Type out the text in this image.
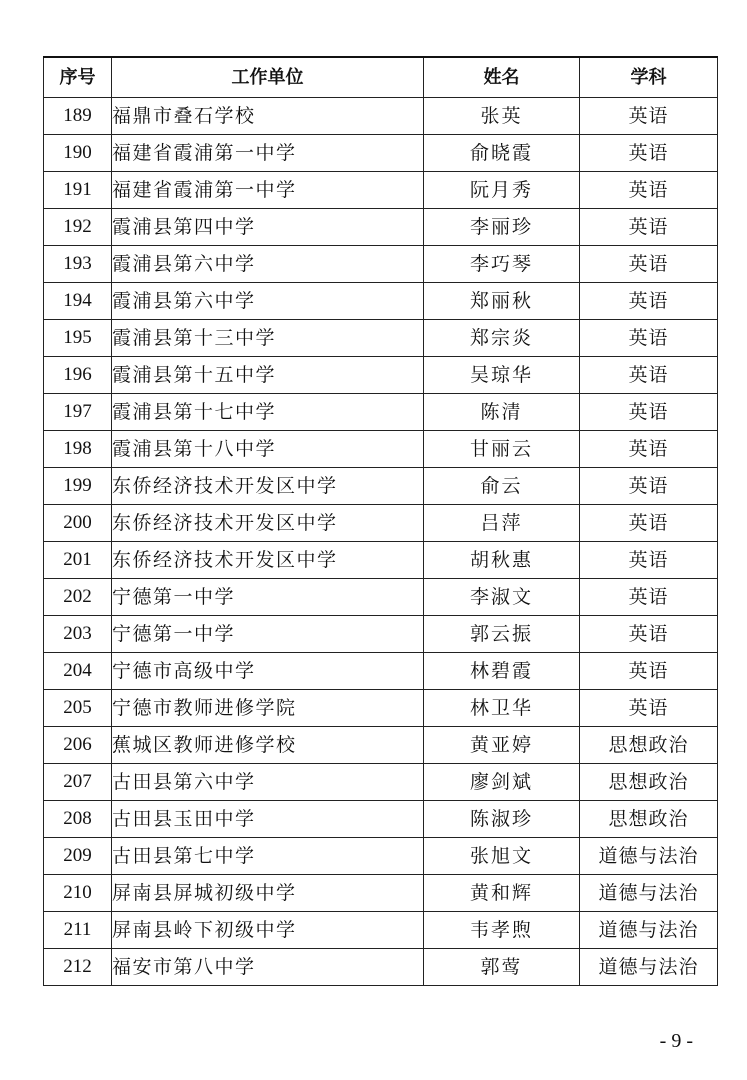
序号	工作单位	姓名	学科
189	福鼎市叠石学校	张英	英语
190	福建省霞浦第一中学	俞晓霞	英语
191	福建省霞浦第一中学	阮月秀	英语
192	霞浦县第四中学	李丽珍	英语
193	霞浦县第六中学	李巧琴	英语
194	霞浦县第六中学	郑丽秋	英语
195	霞浦县第十三中学	郑宗炎	英语
196	霞浦县第十五中学	吴琼华	英语
197	霞浦县第十七中学	陈清	英语
198	霞浦县第十八中学	甘丽云	英语
199	东侨经济技术开发区中学	俞云	英语
200	东侨经济技术开发区中学	吕萍	英语
201	东侨经济技术开发区中学	胡秋惠	英语
202	宁德第一中学	李淑文	英语
203	宁德第一中学	郭云振	英语
204	宁德市高级中学	林碧霞	英语
205	宁德市教师进修学院	林卫华	英语
206	蕉城区教师进修学校	黄亚婷	思想政治
207	古田县第六中学	廖剑斌	思想政治
208	古田县玉田中学	陈淑珍	思想政治
209	古田县第七中学	张旭文	道德与法治
210	屏南县屏城初级中学	黄和辉	道德与法治
211	屏南县岭下初级中学	韦孝煦	道德与法治
212	福安市第八中学	郭莺	道德与法治
- 9 -
